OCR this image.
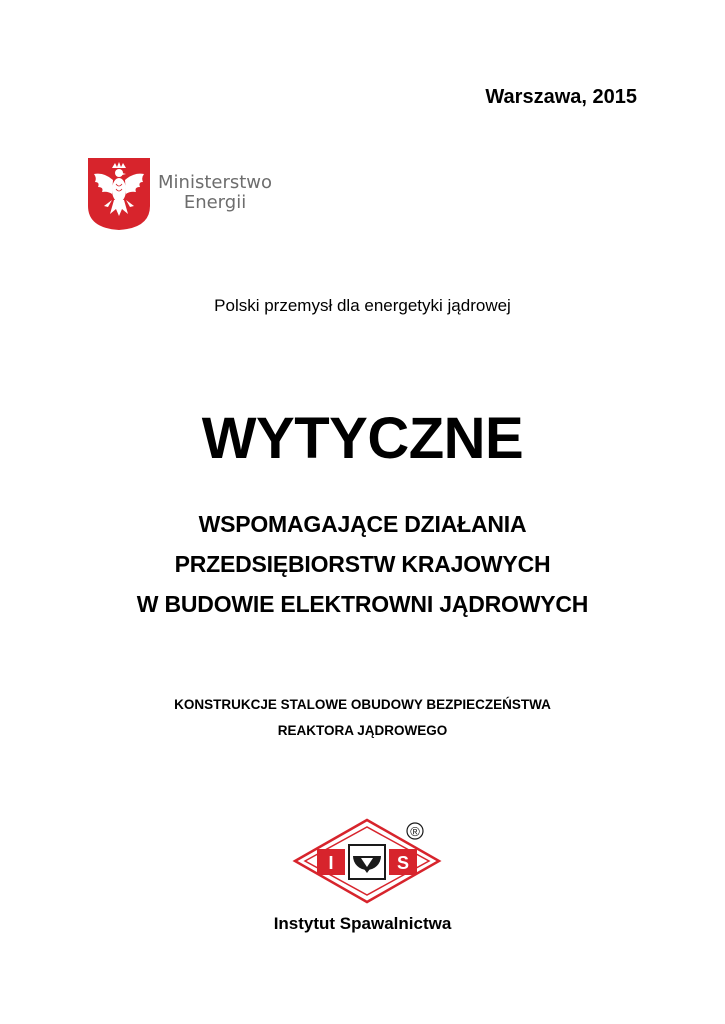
Warszawa, 2015
Ministerstwo
Energii
Polski przemysł dla energetyki jądrowej
WYTYCZNE
WSPOMAGAJĄCE DZIAŁANIA
PRZEDSIĘBIORSTW KRAJOWYCH
W BUDOWIE ELEKTROWNI JĄDROWYCH
KONSTRUKCJE STALOWE OBUDOWY BEZPIECZEŃSTWA
REAKTORA JĄDROWEGO
I	S
®
Instytut Spawalnictwa
